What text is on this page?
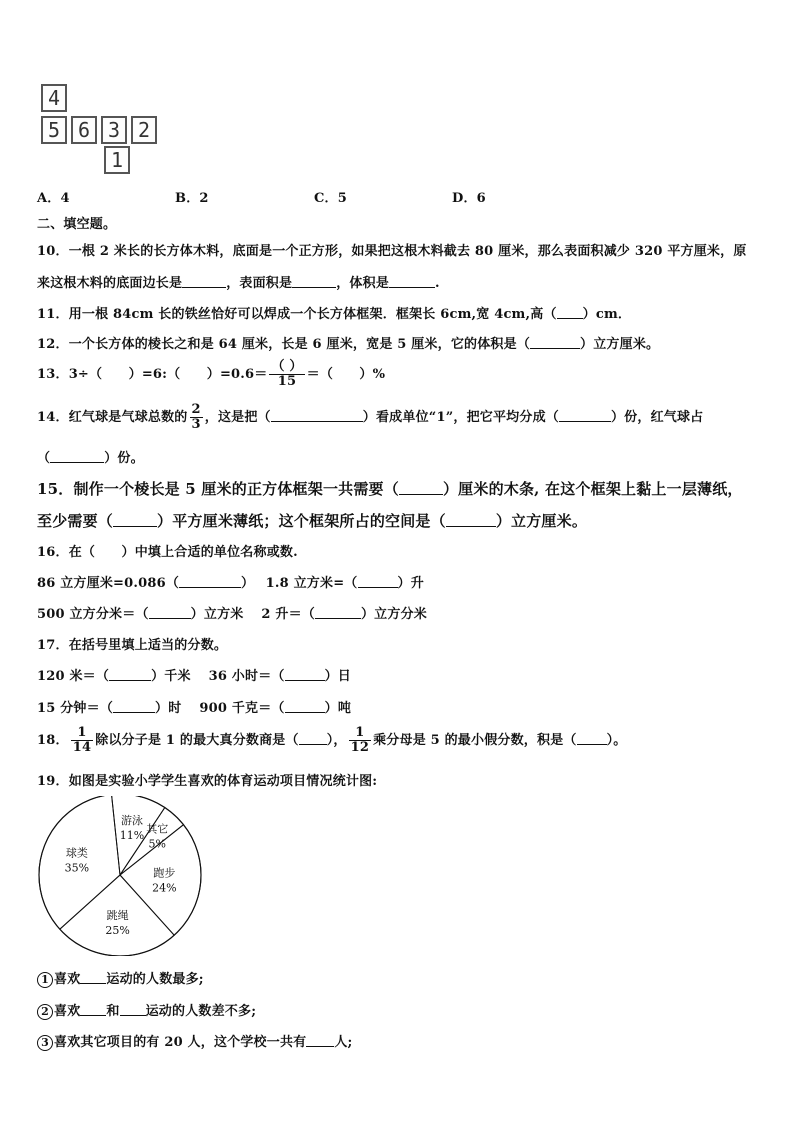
4
5 6 3 2
1
A．4	B．2	C．5	D．6
二、填空题。
10．一根 2 米长的长方体木料，底面是一个正方形，如果把这根木料截去 80 厘米，那么表面积减少 320 平方厘米，原
来这根木料的底面边长是	，表面积是	，体积是	.
11．用一根 84cm 长的铁丝恰好可以焊成一个长方体框架．框架长 6cm,宽 4cm,高（ ）cm．
12．一个长方体的棱长之和是 64 厘米，长是 6 厘米，宽是 5 厘米，它的体积是（	）立方厘米。
13．3÷（　　）=6:（　　）$=0.6= \frac{( )}{15}$ ＝（　　）%
14．红气球是气球总数的 $\frac{2}{3}$ ，这是把（	）看成单位“1”，把它平均分成（	）份，红气球占
（	）份。
15．制作一个棱长是 5 厘米的正方体框架一共需要（	）厘米的木条, 在这个框架上黏上一层薄纸，
至少需要（	）平方厘米薄纸；这个框架所占的空间是（	）立方厘米。
16．在（　　）中填上合适的单位名称或数.
86 立方厘米=0.086（	）　 1.8 立方米=（	）升
500 立方分米＝（	）立方米　 2 升＝（	）立方分米
17．在括号里填上适当的分数。
120 米＝（	）千米　 36 小时＝（	）日
15 分钟＝（	）时　 900 千克＝（	）吨
18． $\frac{1}{14}$ 除以分子是 1 的最大真分数商是（ ）， $\frac{1}{12}$ 乘分母是 5 的最小假分数，积是（ ）。
19．如图是实验小学学生喜欢的体育运动项目情况统计图:
游泳
11%
其它
5%
跑步
24%
跳绳
25%
球类
35%
1 喜欢 运动的人数最多;
2 喜欢 和 运动的人数差不多;
3 喜欢其它项目的有 20 人，这个学校一共有 人;
